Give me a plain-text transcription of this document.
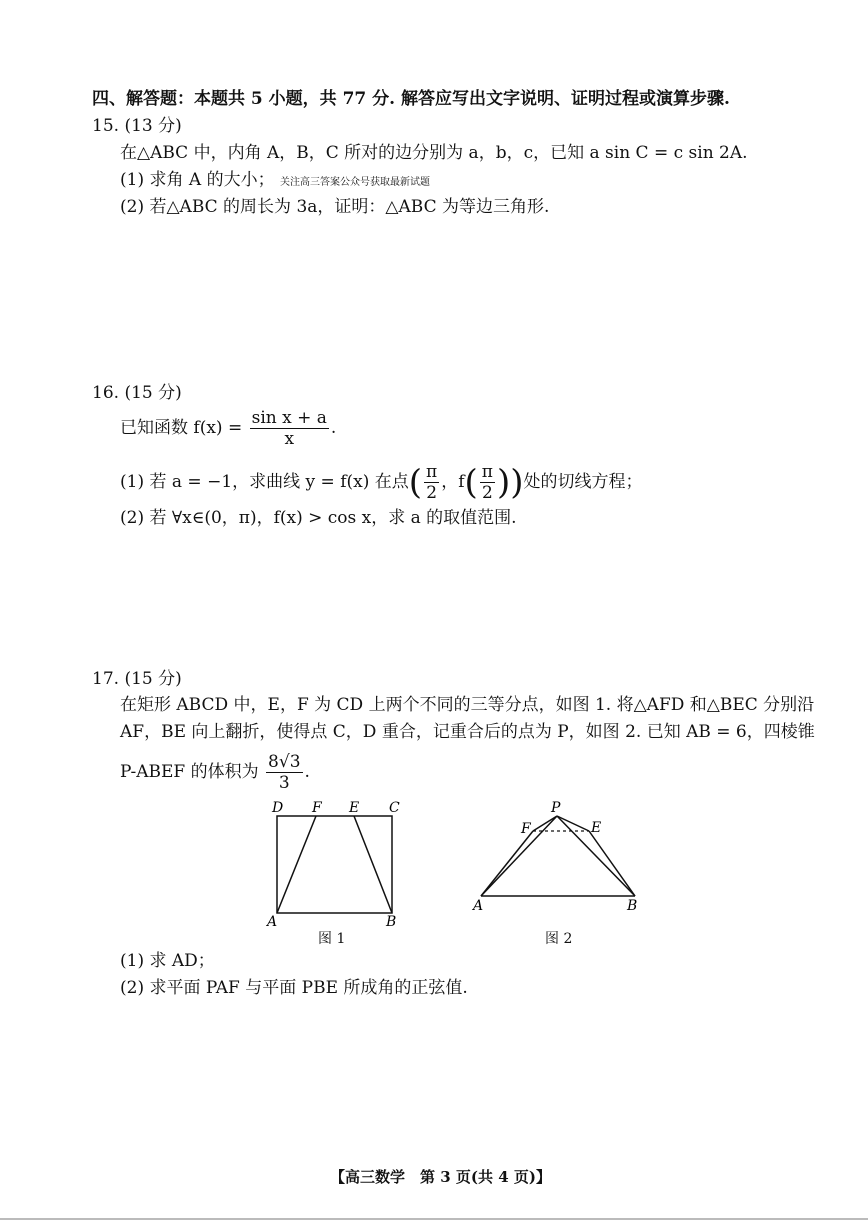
四、解答题：本题共 5 小题，共 77 分. 解答应写出文字说明、证明过程或演算步骤.
15. (13 分)
在△ABC 中，内角 A，B，C 所对的边分别为 a，b，c，已知 a sin C = c sin 2A.
(1) 求角 A 的大小； 关注高三答案公众号获取最新试题
(2) 若△ABC 的周长为 3a，证明：△ABC 为等边三角形.
16. (15 分)
已知函数 $f(x) = \frac{\text{sin x + a}}{x}$ .
(1) 若 a = −1，求曲线 y = f(x) 在点( $\frac{\pi}{2}$ ，$f( \frac{\pi}{2}$ ))处的切线方程；
(2) 若 ∀x∈(0，π)，f(x) > cos x，求 a 的取值范围.
17. (15 分)
在矩形 ABCD 中，E，F 为 CD 上两个不同的三等分点，如图 1. 将△AFD 和△BEC 分别沿
AF，BE 向上翻折，使得点 C，D 重合，记重合后的点为 P，如图 2. 已知 AB = 6，四棱锥
P-ABEF 的体积为 $\frac{8√3}{3}$ .
D F E C
A	B
图 1
P
F	E
A	B
图 2
(1) 求 AD；
(2) 求平面 PAF 与平面 PBE 所成角的正弦值.
【高三数学　第 3 页(共 4 页)】
